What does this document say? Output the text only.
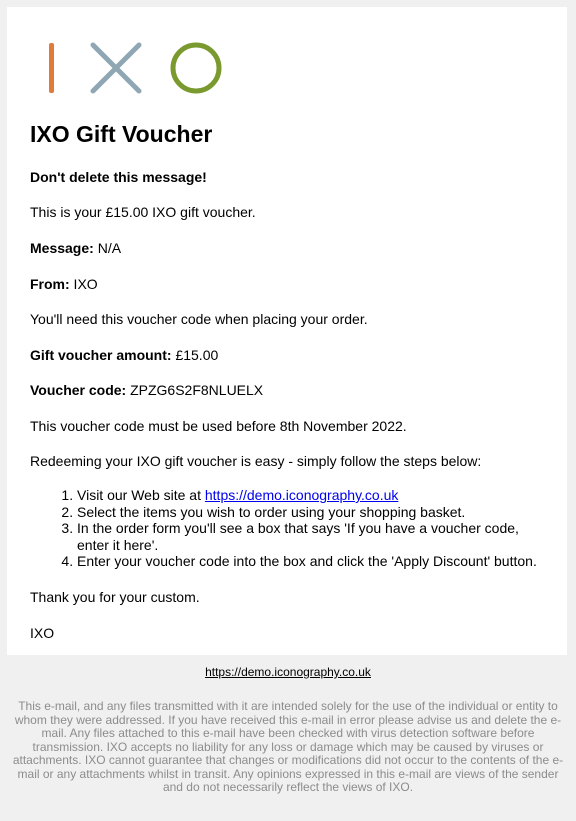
IXO Gift Voucher

Don't delete this message!

This is your £15.00 IXO gift voucher.

Message: N/A

From: IXO

You'll need this voucher code when placing your order.

Gift voucher amount: £15.00

Voucher code: ZPZG6S2F8NLUELX

This voucher code must be used before 8th November 2022.

Redeeming your IXO gift voucher is easy - simply follow the steps below:

1. Visit our Web site at https://demo.iconography.co.uk
2. Select the items you wish to order using your shopping basket.
3. In the order form you'll see a box that says 'If you have a voucher code, enter it here'.
4. Enter your voucher code into the box and click the 'Apply Discount' button.

Thank you for your custom.

IXO

https://demo.iconography.co.uk
This e-mail, and any files transmitted with it are intended solely for the use of the individual or entity to whom they were addressed. If you have received this e-mail in error please advise us and delete the e-mail. Any files attached to this e-mail have been checked with virus detection software before transmission. IXO accepts no liability for any loss or damage which may be caused by viruses or attachments. IXO cannot guarantee that changes or modifications did not occur to the contents of the e-mail or any attachments whilst in transit. Any opinions expressed in this e-mail are views of the sender and do not necessarily reflect the views of IXO.
